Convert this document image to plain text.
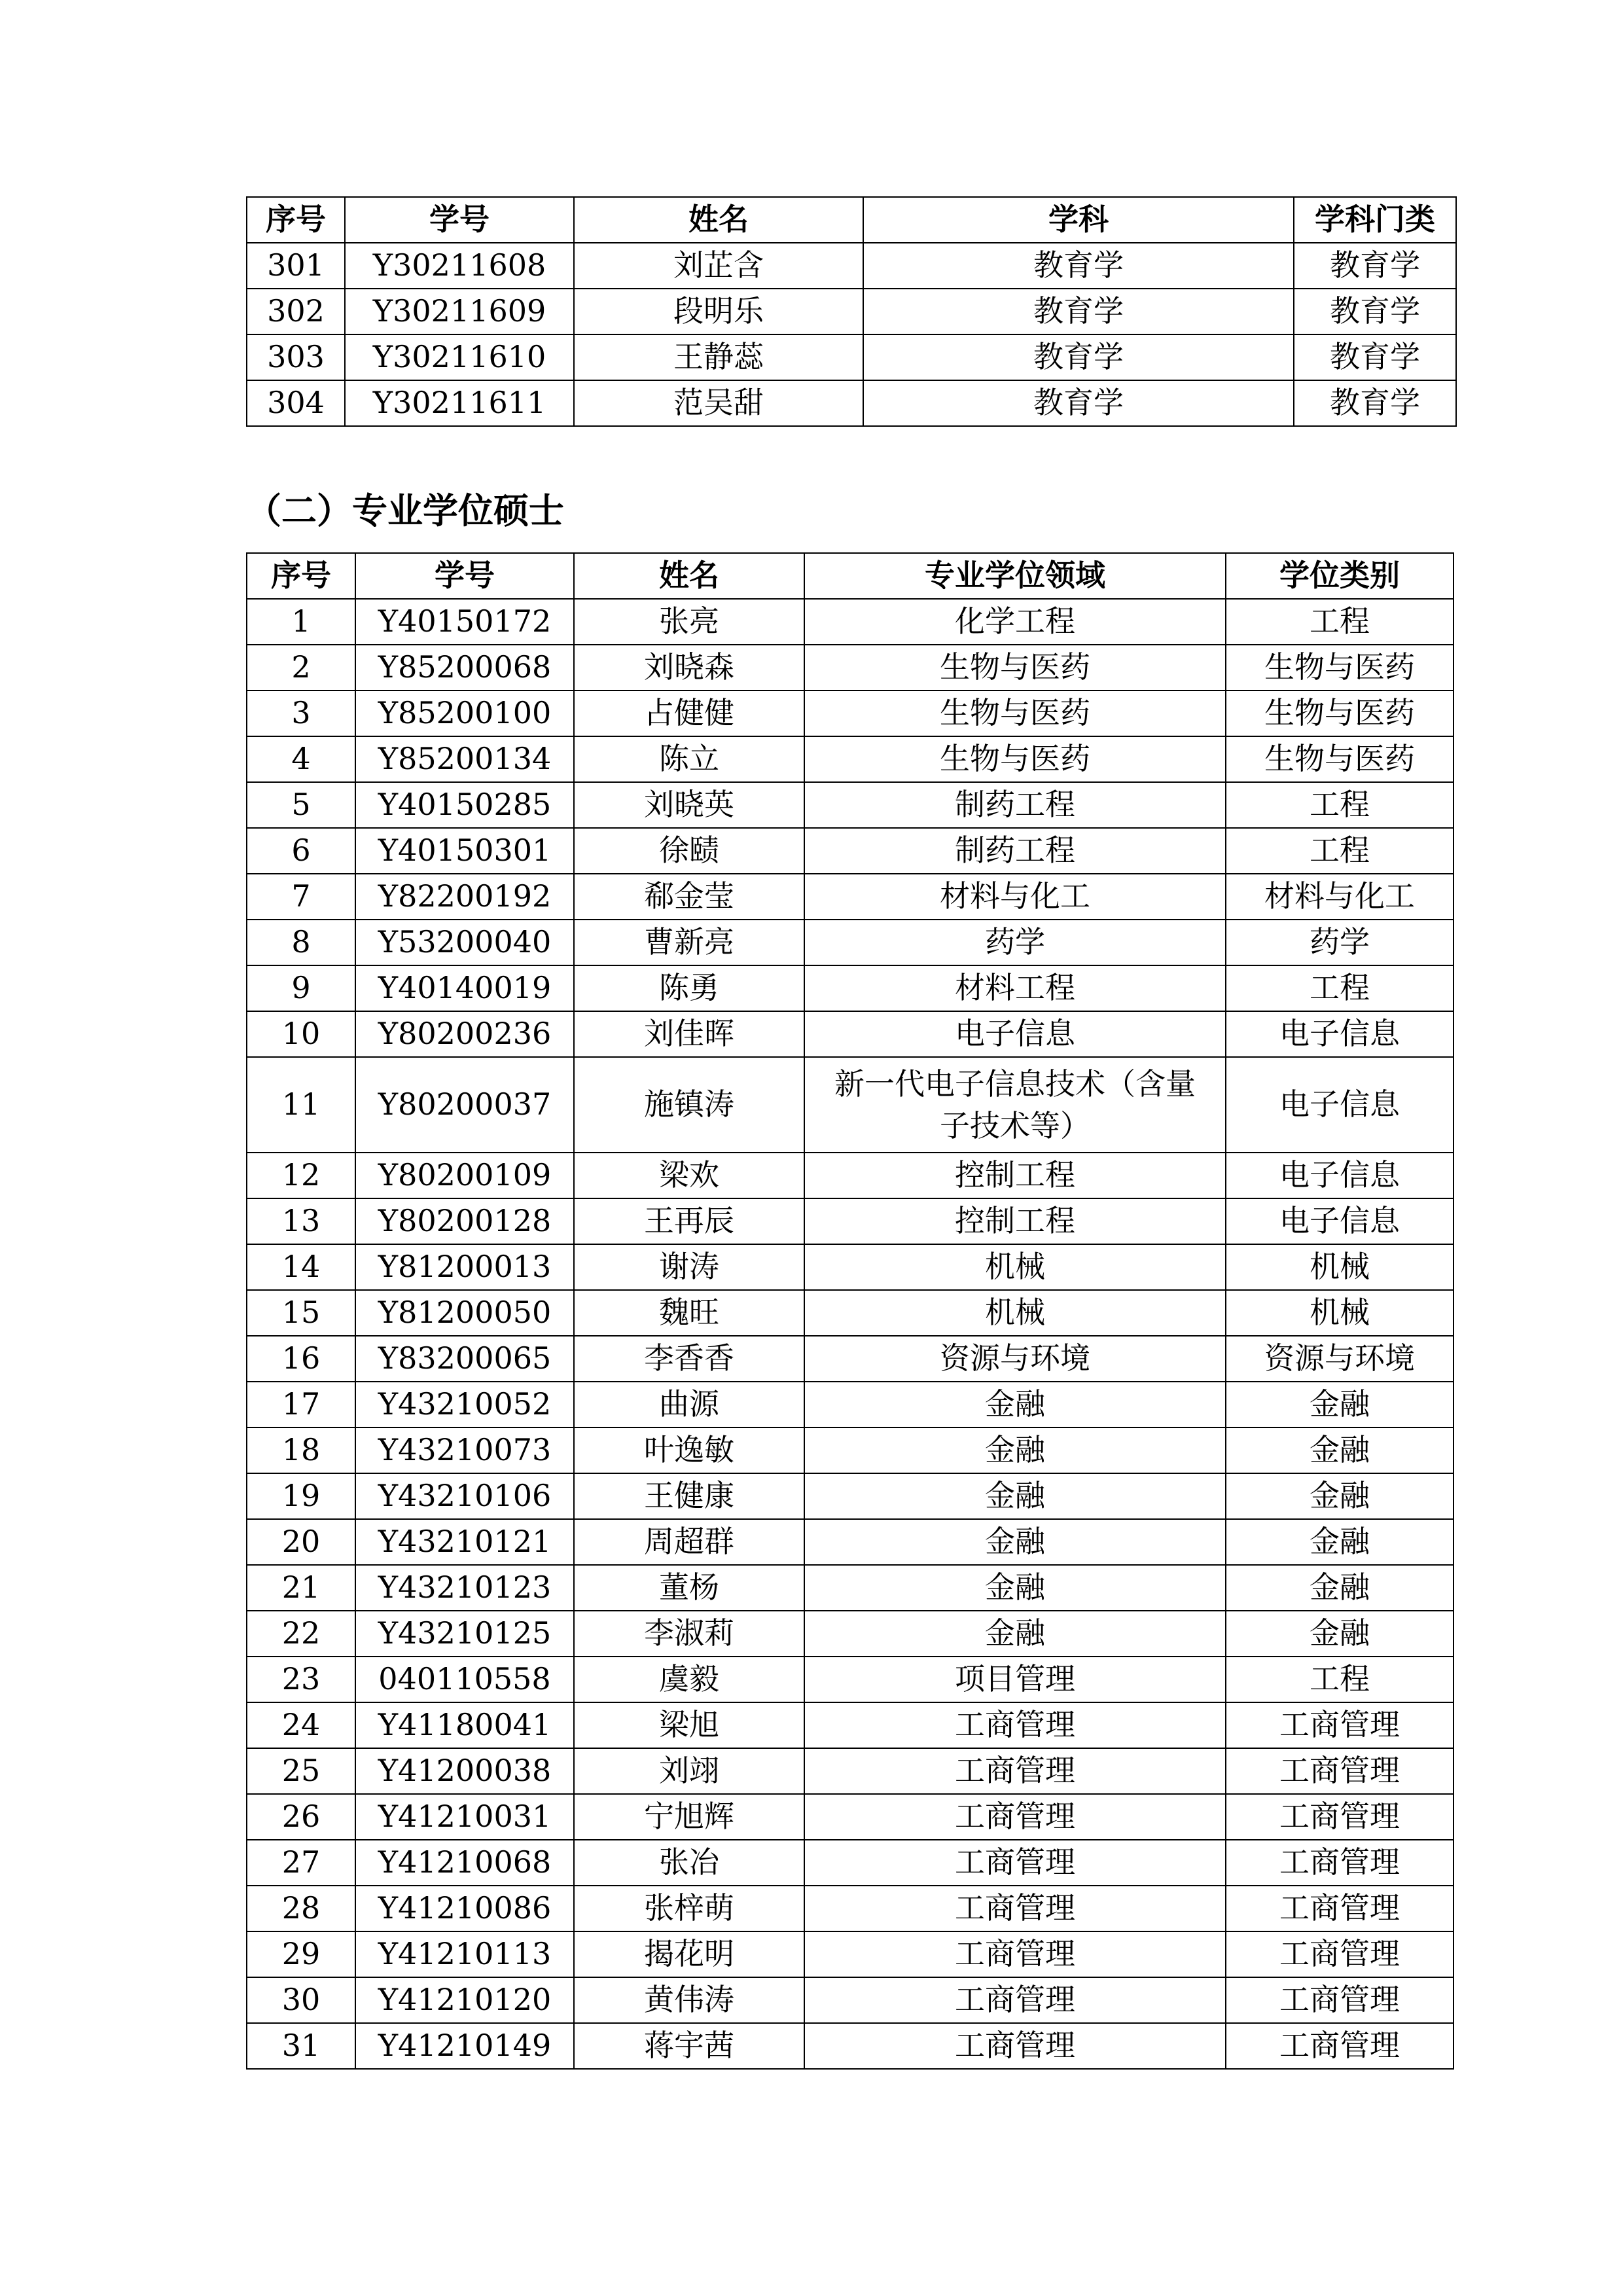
序号	学号	姓名	学科	学科门类
301	Y30211608	刘芷含	教育学	教育学
302	Y30211609	段明乐	教育学	教育学
303	Y30211610	王静蕊	教育学	教育学
304	Y30211611	范吴甜	教育学	教育学
（二）专业学位硕士
序号	学号	姓名	专业学位领域	学位类别
1	Y40150172	张亮	化学工程	工程
2	Y85200068	刘晓森	生物与医药	生物与医药
3	Y85200100	占健健	生物与医药	生物与医药
4	Y85200134	陈立	生物与医药	生物与医药
5	Y40150285	刘晓英	制药工程	工程
6	Y40150301	徐赜	制药工程	工程
7	Y82200192	郗金莹	材料与化工	材料与化工
8	Y53200040	曹新亮	药学	药学
9	Y40140019	陈勇	材料工程	工程
10	Y80200236	刘佳晖	电子信息	电子信息
11	Y80200037	施镇涛	新一代电子信息技术（含量子技术等）	电子信息
12	Y80200109	梁欢	控制工程	电子信息
13	Y80200128	王再辰	控制工程	电子信息
14	Y81200013	谢涛	机械	机械
15	Y81200050	魏旺	机械	机械
16	Y83200065	李香香	资源与环境	资源与环境
17	Y43210052	曲源	金融	金融
18	Y43210073	叶逸敏	金融	金融
19	Y43210106	王健康	金融	金融
20	Y43210121	周超群	金融	金融
21	Y43210123	董杨	金融	金融
22	Y43210125	李淑莉	金融	金融
23	040110558	虞毅	项目管理	工程
24	Y41180041	梁旭	工商管理	工商管理
25	Y41200038	刘翊	工商管理	工商管理
26	Y41210031	宁旭辉	工商管理	工商管理
27	Y41210068	张冶	工商管理	工商管理
28	Y41210086	张梓萌	工商管理	工商管理
29	Y41210113	揭花明	工商管理	工商管理
30	Y41210120	黄伟涛	工商管理	工商管理
31	Y41210149	蒋宇茜	工商管理	工商管理
